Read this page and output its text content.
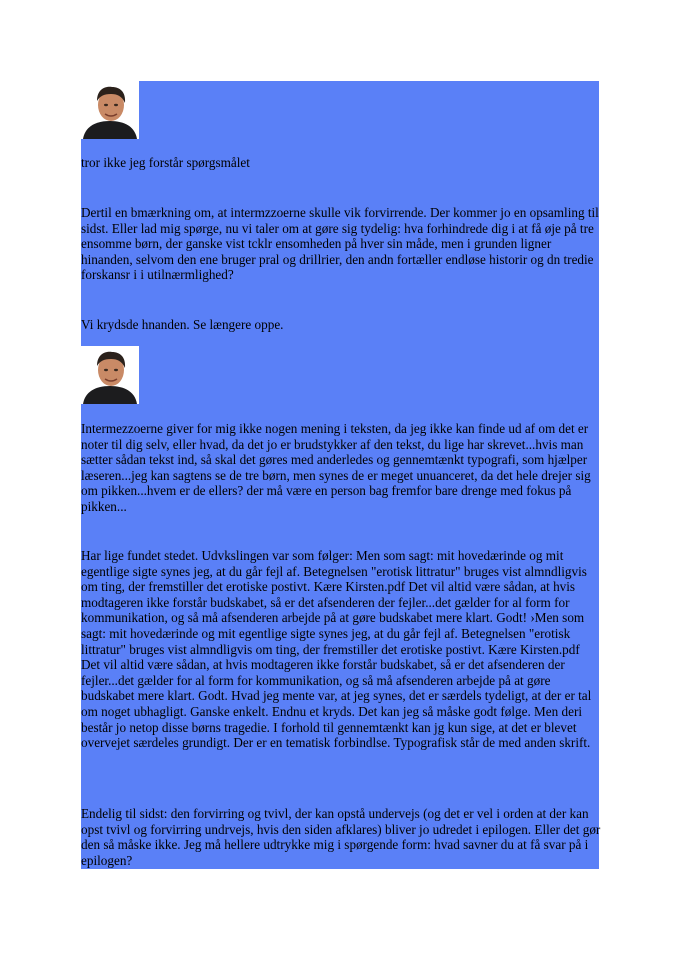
tror ikke jeg forstår spørgsmålet

Dertil en bmærkning om, at intermzzoerne skulle vik forvirrende. Der kommer jo en opsamling til sidst. Eller lad mig spørge, nu vi taler om at gøre sig tydelig: hva forhindrede dig i at få øje på tre ensomme børn, der ganske vist tcklr ensomheden på hver sin måde, men i grunden ligner hinanden, selvom den ene bruger pral og drillrier, den andn fortæller endløse historir og dn tredie forskansr i i utilnærmlighed?

Vi krydsde hnanden. Se længere oppe.

Intermezzoerne giver for mig ikke nogen mening i teksten, da jeg ikke kan finde ud af om det er noter til dig selv, eller hvad, da det jo er brudstykker af den tekst, du lige har skrevet...hvis man sætter sådan tekst ind, så skal det gøres med anderledes og gennemtænkt typografi, som hjælper læseren...jeg kan sagtens se de tre børn, men synes de er meget unuanceret, da det hele drejer sig om pikken...hvem er de ellers? der må være en person bag fremfor bare drenge med fokus på pikken...

Har lige fundet stedet. Udvkslingen var som følger: Men som sagt: mit hovedærinde og mit egentlige sigte synes jeg, at du går fejl af. Betegnelsen "erotisk littratur" bruges vist almndligvis om ting, der fremstiller det erotiske postivt. Kære Kirsten.pdf Det vil altid være sådan, at hvis modtageren ikke forstår budskabet, så er det afsenderen der fejler...det gælder for al form for kommunikation, og så må afsenderen arbejde på at gøre budskabet mere klart. Godt! ›Men som sagt: mit hovedærinde og mit egentlige sigte synes jeg, at du går fejl af. Betegnelsen "erotisk littratur" bruges vist almndligvis om ting, der fremstiller det erotiske postivt. Kære Kirsten.pdf Det vil altid være sådan, at hvis modtageren ikke forstår budskabet, så er det afsenderen der fejler...det gælder for al form for kommunikation, og så må afsenderen arbejde på at gøre budskabet mere klart. Godt. Hvad jeg mente var, at jeg synes, det er særdels tydeligt, at der er tal om noget ubhagligt. Ganske enkelt. Endnu et kryds. Det kan jeg så måske godt følge. Men deri består jo netop disse børns tragedie. I forhold til gennemtænkt kan jg kun sige, at det er blevet overvejet særdeles grundigt. Der er en tematisk forbindlse. Typografisk står de med anden skrift.

Endelig til sidst: den forvirring og tvivl, der kan opstå undervejs (og det er vel i orden at der kan opst tvivl og forvirring undrvejs, hvis den siden afklares) bliver jo udredet i epilogen. Eller det gør den så måske ikke. Jeg må hellere udtrykke mig i spørgende form: hvad savner du at få svar på i epilogen?
